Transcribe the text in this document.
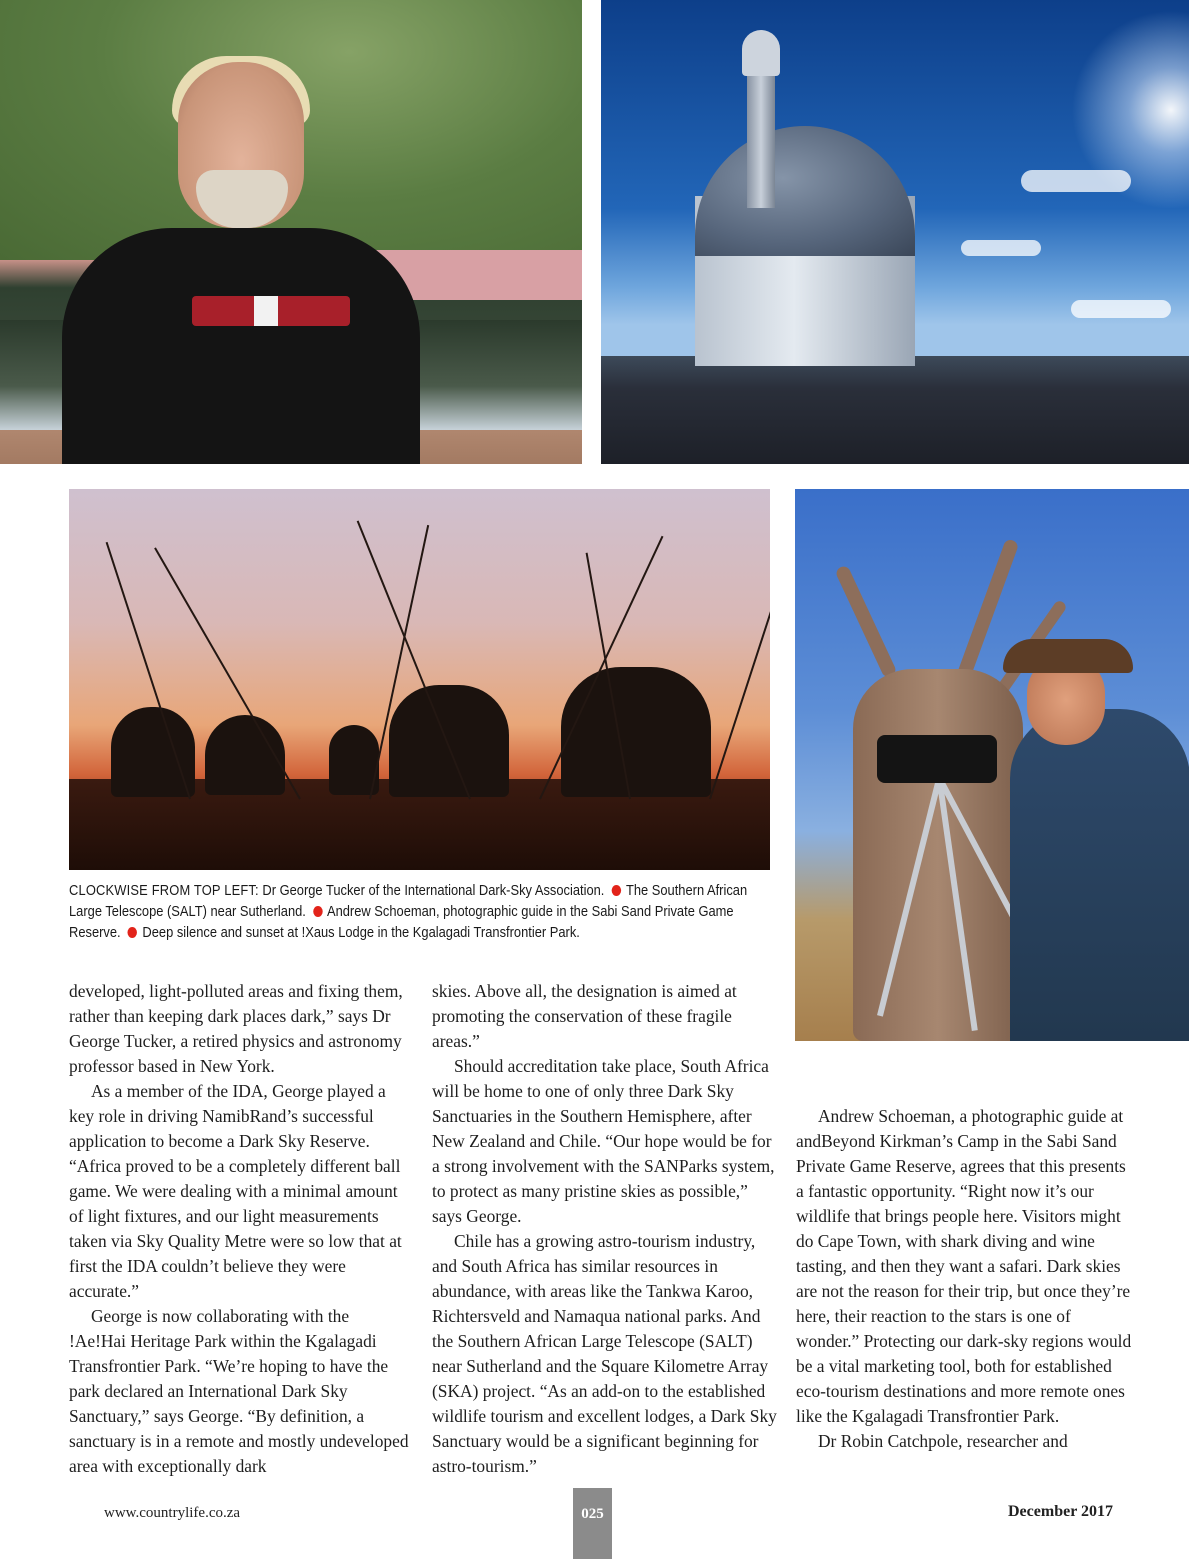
CLOCKWISE FROM TOP LEFT: Dr George Tucker of the International Dark-Sky Association. The Southern African Large Telescope (SALT) near Sutherland. Andrew Schoeman, photographic guide in the Sabi Sand Private Game Reserve. Deep silence and sunset at !Xaus Lodge in the Kgalagadi Transfrontier Park.

developed, light-polluted areas and fixing them, rather than keeping dark places dark,” says Dr George Tucker, a retired physics and astronomy professor based in New York.

As a member of the IDA, George played a key role in driving NamibRand’s successful application to become a Dark Sky Reserve. “Africa proved to be a completely different ball game. We were dealing with a minimal amount of light fixtures, and our light measurements taken via Sky Quality Metre were so low that at first the IDA couldn’t believe they were accurate.”

George is now collaborating with the !Ae!Hai Heritage Park within the Kgalagadi Transfrontier Park. “We’re hoping to have the park declared an International Dark Sky Sanctuary,” says George. “By definition, a sanctuary is in a remote and mostly undeveloped area with exceptionally dark

skies. Above all, the designation is aimed at promoting the conservation of these fragile areas.”

Should accreditation take place, South Africa will be home to one of only three Dark Sky Sanctuaries in the Southern Hemisphere, after New Zealand and Chile. “Our hope would be for a strong involvement with the SANParks system, to protect as many pristine skies as possible,” says George.

Chile has a growing astro-tourism industry, and South Africa has similar resources in abundance, with areas like the Tankwa Karoo, Richtersveld and Namaqua national parks. And the Southern African Large Telescope (SALT) near Sutherland and the Square Kilometre Array (SKA) project. “As an add-on to the established wildlife tourism and excellent lodges, a Dark Sky Sanctuary would be a significant beginning for astro-tourism.”

Andrew Schoeman, a photographic guide at andBeyond Kirkman’s Camp in the Sabi Sand Private Game Reserve, agrees that this presents a fantastic opportunity. “Right now it’s our wildlife that brings people here. Visitors might do Cape Town, with shark diving and wine tasting, and then they want a safari. Dark skies are not the reason for their trip, but once they’re here, their reaction to the stars is one of wonder.” Protecting our dark-sky regions would be a vital marketing tool, both for established eco-tourism destinations and more remote ones like the Kgalagadi Transfrontier Park.

Dr Robin Catchpole, researcher and

www.countrylife.co.za	025	December 2017
